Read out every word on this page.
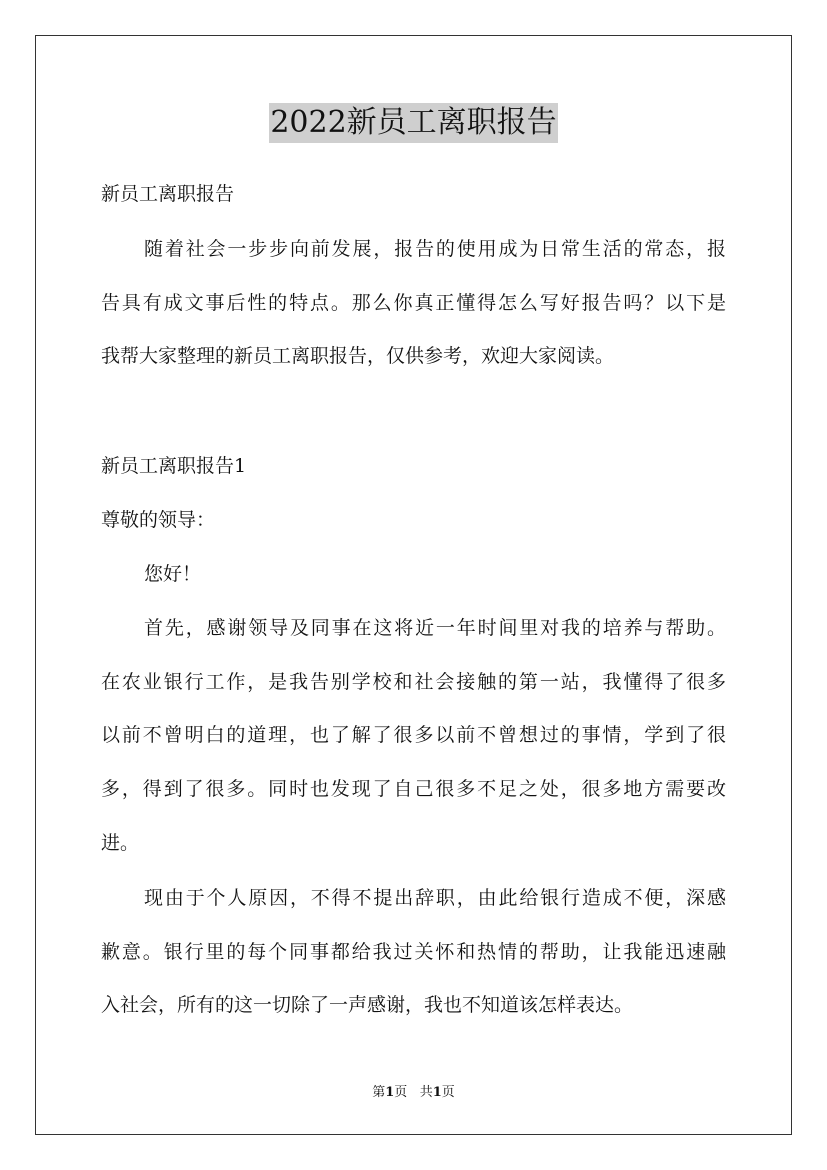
2022新员工离职报告
新员工离职报告
随着社会一步步向前发展，报告的使用成为日常生活的常态，报
告具有成文事后性的特点。那么你真正懂得怎么写好报告吗？以下是
我帮大家整理的新员工离职报告，仅供参考，欢迎大家阅读。
新员工离职报告1
尊敬的领导：
您好！
首先，感谢领导及同事在这将近一年时间里对我的培养与帮助。
在农业银行工作，是我告别学校和社会接触的第一站，我懂得了很多
以前不曾明白的道理，也了解了很多以前不曾想过的事情，学到了很
多，得到了很多。同时也发现了自己很多不足之处，很多地方需要改
进。
现由于个人原因，不得不提出辞职，由此给银行造成不便，深感
歉意。银行里的每个同事都给我过关怀和热情的帮助，让我能迅速融
入社会，所有的这一切除了一声感谢，我也不知道该怎样表达。
第1页 共1页
